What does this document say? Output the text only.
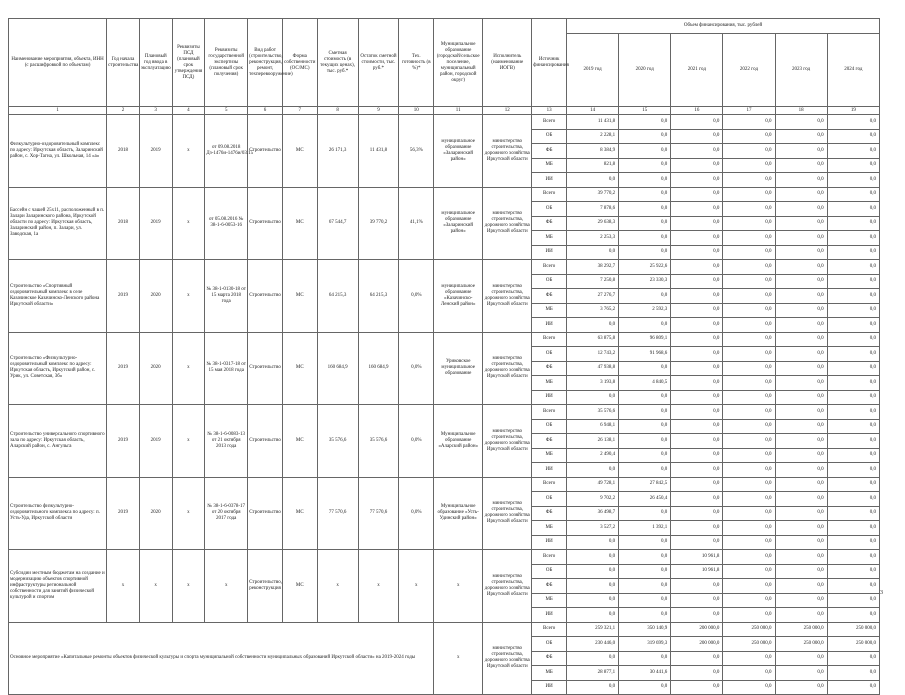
Наименование мероприятия, объекта, ИНН (с расшифровкой по объектам)	Год начала строительства	Плановый год ввода в эксплуатацию	Реквизиты ПСД (плановый срок утверждения ПСД)	Реквизиты государственной экспертизы (плановый срок получения)	Вид работ (строительство, реконструкция, ремонт, техперевооружение)	Форма собственности (ОС/МС)	Сметная стоимость (в текущих ценах), тыс. руб.*	Остаток сметной стоимости, тыс. руб.*	Тех. готовность (в %)*	Муниципальное образование (городской/сельское поселение, муниципальный район, городской округ)	Исполнитель (наименование ИОГВ)	Источник финансирования	Объем финансирования, тыс. рублей					
													2019 год	2020 год	2021 год	2022 год	2023 год	2024 год
1	2	3	4	5	6	7	8	9	10	11	12	13	14	15	16	17	18	19
Физкультурно-оздоровительный комплекс по адресу: Иркутская область, Заларинский район, с. Хор-Тагна, ул. Школьная, 14 «а»	2018	2019	х	от 09.08.2018 Дз-1476и-1476и/03.15	Строительство	МС	26 171,3	11 431,8	56,3%	муниципальное образование «Заларинский район»	министерство строительства, дорожного хозяйства Иркутской области	Всего	11 431,8	0,0	0,0	0,0	0,0	0,0
												ОБ	2 228,1	0,0	0,0	0,0	0,0	0,0
												ФБ	8 384,9	0,0	0,0	0,0	0,0	0,0
												МБ	821,8	0,0	0,0	0,0	0,0	0,0
												ИИ	0,0	0,0	0,0	0,0	0,0	0,0
Бассейн с чашей 25х11, расположенный в п. Залари Заларинского района, Иркутской области по адресу: Иркутская область, Заларинский район, п. Залари, ул. Заводская, 1а	2018	2019	х	от 05.08.2016 № 38-1-6-0053-16	Строительство	МС	67 544,7	39 770,2	41,1%	муниципальное образование «Заларинский район»	министерство строительства, дорожного хозяйства Иркутской области	Всего	39 770,2	0,0	0,0	0,0	0,0	0,0
												ОБ	7 878,6	0,0	0,0	0,0	0,0	0,0
												ФБ	29 638,3	0,0	0,0	0,0	0,0	0,0
												МБ	2 253,3	0,0	0,0	0,0	0,0	0,0
												ИИ	0,0	0,0	0,0	0,0	0,0	0,0
Строительство «Спортивный оздоровительный комплекс в селе Казачинское Казачинско-Ленского района Иркутской области»	2019	2020	х	№ 38-1-0130-18 от 15 марта 2018 года	Строительство	МС	64 215,3	64 215,3	0,0%	муниципальное образование «Казачинско-Ленский район»	министерство строительства, дорожного хозяйства Иркутской области	Всего	38 292,7	25 922,6	0,0	0,0	0,0	0,0
												ОБ	7 250,8	23 330,3	0,0	0,0	0,0	0,0
												ФБ	27 276,7	0,0	0,0	0,0	0,0	0,0
												МБ	3 765,2	2 592,3	0,0	0,0	0,0	0,0
												ИИ	0,0	0,0	0,0	0,0	0,0	0,0
Строительство «Физкультурно-оздоровительный комплекс по адресу: Иркутская область, Иркутский район, с. Урик, ул. Советская, 3б»	2019	2020	х	№ 38-1-0317-18 от 15 мая 2018 года	Строительство	МС	160 684,9	160 684,9	0,0%	Уриковское муниципальное образование	министерство строительства, дорожного хозяйства Иркутской области	Всего	63 875,8	96 809,1	0,0	0,0	0,0	0,0
												ОБ	12 743,2	91 968,6	0,0	0,0	0,0	0,0
												ФБ	47 938,8	0,0	0,0	0,0	0,0	0,0
												МБ	3 193,8	4 840,5	0,0	0,0	0,0	0,0
												ИИ	0,0	0,0	0,0	0,0	0,0	0,0
Строительство универсального спортивного зала по адресу: Иркутская область, Аларский район, с. Ангульга	2019	2019	х	№ 38-1-6-0083-13 от 21 октября 2013 года	Строительство	МС	35 576,6	35 576,6	0,0%	Муниципальное образование «Аларский район»	министерство строительства, дорожного хозяйства Иркутской области	Всего	35 576,6	0,0	0,0	0,0	0,0	0,0
												ОБ	6 948,1	0,0	0,0	0,0	0,0	0,0
												ФБ	26 138,1	0,0	0,0	0,0	0,0	0,0
												МБ	2 490,4	0,0	0,0	0,0	0,0	0,0
												ИИ	0,0	0,0	0,0	0,0	0,0	0,0
Строительство физкультурно-оздоровительного комплекса по адресу: п. Усть-Уда, Иркутской области	2019	2020	х	№ 38-1-6-0378-17 от 20 октября 2017 года	Строительство	МС	77 570,6	77 570,6	0,0%	Муниципальное образование «Усть-Удинский район»	министерство строительства, дорожного хозяйства Иркутской области	Всего	49 728,1	27 842,5	0,0	0,0	0,0	0,0
												ОБ	9 702,2	26 450,4	0,0	0,0	0,0	0,0
												ФБ	36 498,7	0,0	0,0	0,0	0,0	0,0
												МБ	3 527,2	1 392,1	0,0	0,0	0,0	0,0
												ИИ	0,0	0,0	0,0	0,0	0,0	0,0
Субсидии местным бюджетам на создание и модернизацию объектов спортивной инфраструктуры региональной собственности для занятий физической культурой и спортом	х	х	х	х	Строительство, реконструкция	МС	х	х	х	х	министерство строительства, дорожного хозяйства Иркутской области	Всего	0,0	0,0	10 961,8	0,0	0,0	0,0
												ОБ	0,0	0,0	10 961,8	0,0	0,0	0,0
												ФБ	0,0	0,0	0,0	0,0	0,0	0,0
												МБ	0,0	0,0	0,0	0,0	0,0	0,0
												ИИ	0,0	0,0	0,0	0,0	0,0	0,0
Основное мероприятие «Капитальные ремонты объектов физической культуры и спорта муниципальной собственности муниципальных образований Иркутской области» на 2019-2024 годы										х	министерство строительства, дорожного хозяйства Иркутской области	Всего	259 321,1	350 140,9	200 000,0	250 000,0	250 000,0	250 000,0
												ОБ	230 446,0	319 699,3	200 000,0	250 000,0	250 000,0	250 000,0
												ФБ	0,0	0,0	0,0	0,0	0,0	0,0
												МБ	28 877,1	30 441,6	0,0	0,0	0,0	0,0
												ИИ	0,0	0,0	0,0	0,0	0,0	0,0
3
